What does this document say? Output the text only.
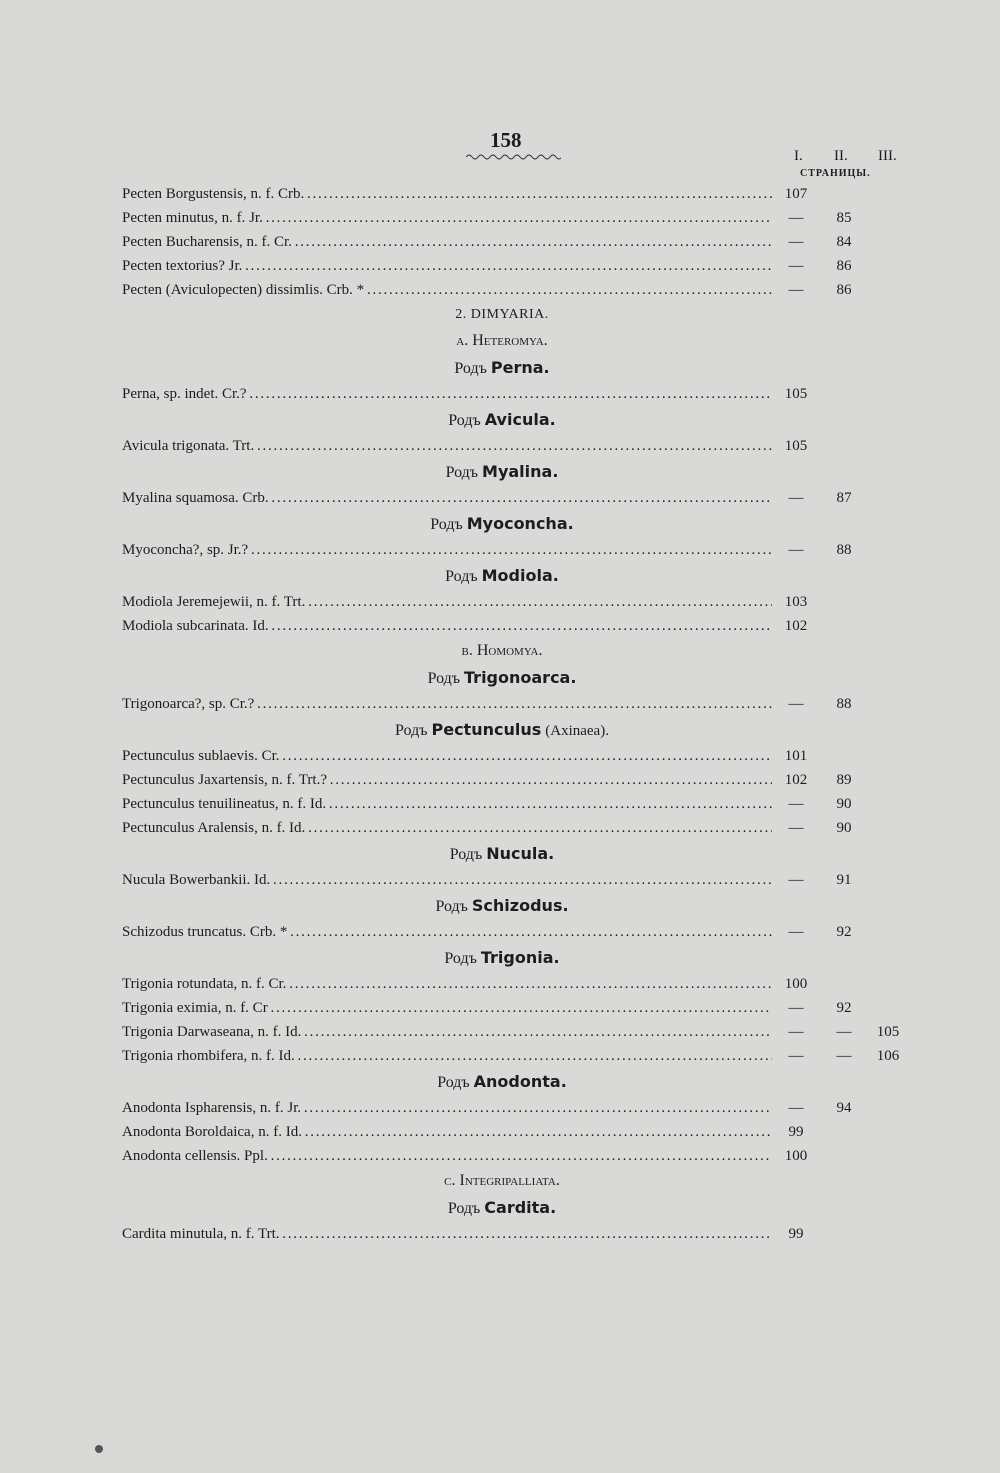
158
I. II. III.
СТРАНИЦЫ.
Pecten Borgustensis, n. f. Crb. . . .	107
Pecten minutus, n. f. Jr. . . .	—	85
Pecten Bucharensis, n. f. Cr. . . .	—	84
Pecten textorius? Jr. . . .	—	86
Pecten (Aviculopecten) dissimlis. Crb. * . . .	—	86
2. DIMYARIA.
a. Heteromya.
Родъ Perna.
Perna, sp. indet. Cr.? . . .	105
Родъ Avicula.
Avicula trigonata. Trt. . . .	105
Родъ Myalina.
Myalina squamosa. Crb. . . .	—	87
Родъ Myoconcha.
Myoconcha?, sp. Jr.? . . .	—	88
Родъ Modiola.
Modiola Jeremejewii, n. f. Trt. . . .	103
Modiola subcarinata. Id. . . .	102
b. Homomya.
Родъ Trigonoarca.
Trigonoarca?, sp. Cr.? . . .	—	88
Родъ Pectunculus (Axinaea).
Pectunculus sublaevis. Cr. . . .	101
Pectunculus Jaxartensis, n. f. Trt.? . . .	102	89
Pectunculus tenuilineatus, n. f. Id. . . .	—	90
Pectunculus Aralensis, n. f. Id. . . .	—	90
Родъ Nucula.
Nucula Bowerbankii. Id. . . .	—	91
Родъ Schizodus.
Schizodus truncatus. Crb. * . . .	—	92
Родъ Trigonia.
Trigonia rotundata, n. f. Cr. . . .	100
Trigonia eximia, n. f. Cr . . .	—	92
Trigonia Darwaseana, n. f. Id. . . .	—	—	105
Trigonia rhombifera, n. f. Id. . . .	—	—	106
Родъ Anodonta.
Anodonta Ispharensis, n. f. Jr. . . .	—	94
Anodonta Boroldaica, n. f. Id. . . .	99
Anodonta cellensis. Ppl. . . .	100
c. Integripalliata.
Родъ Cardita.
Cardita minutula, n. f. Trt. . . .	99
